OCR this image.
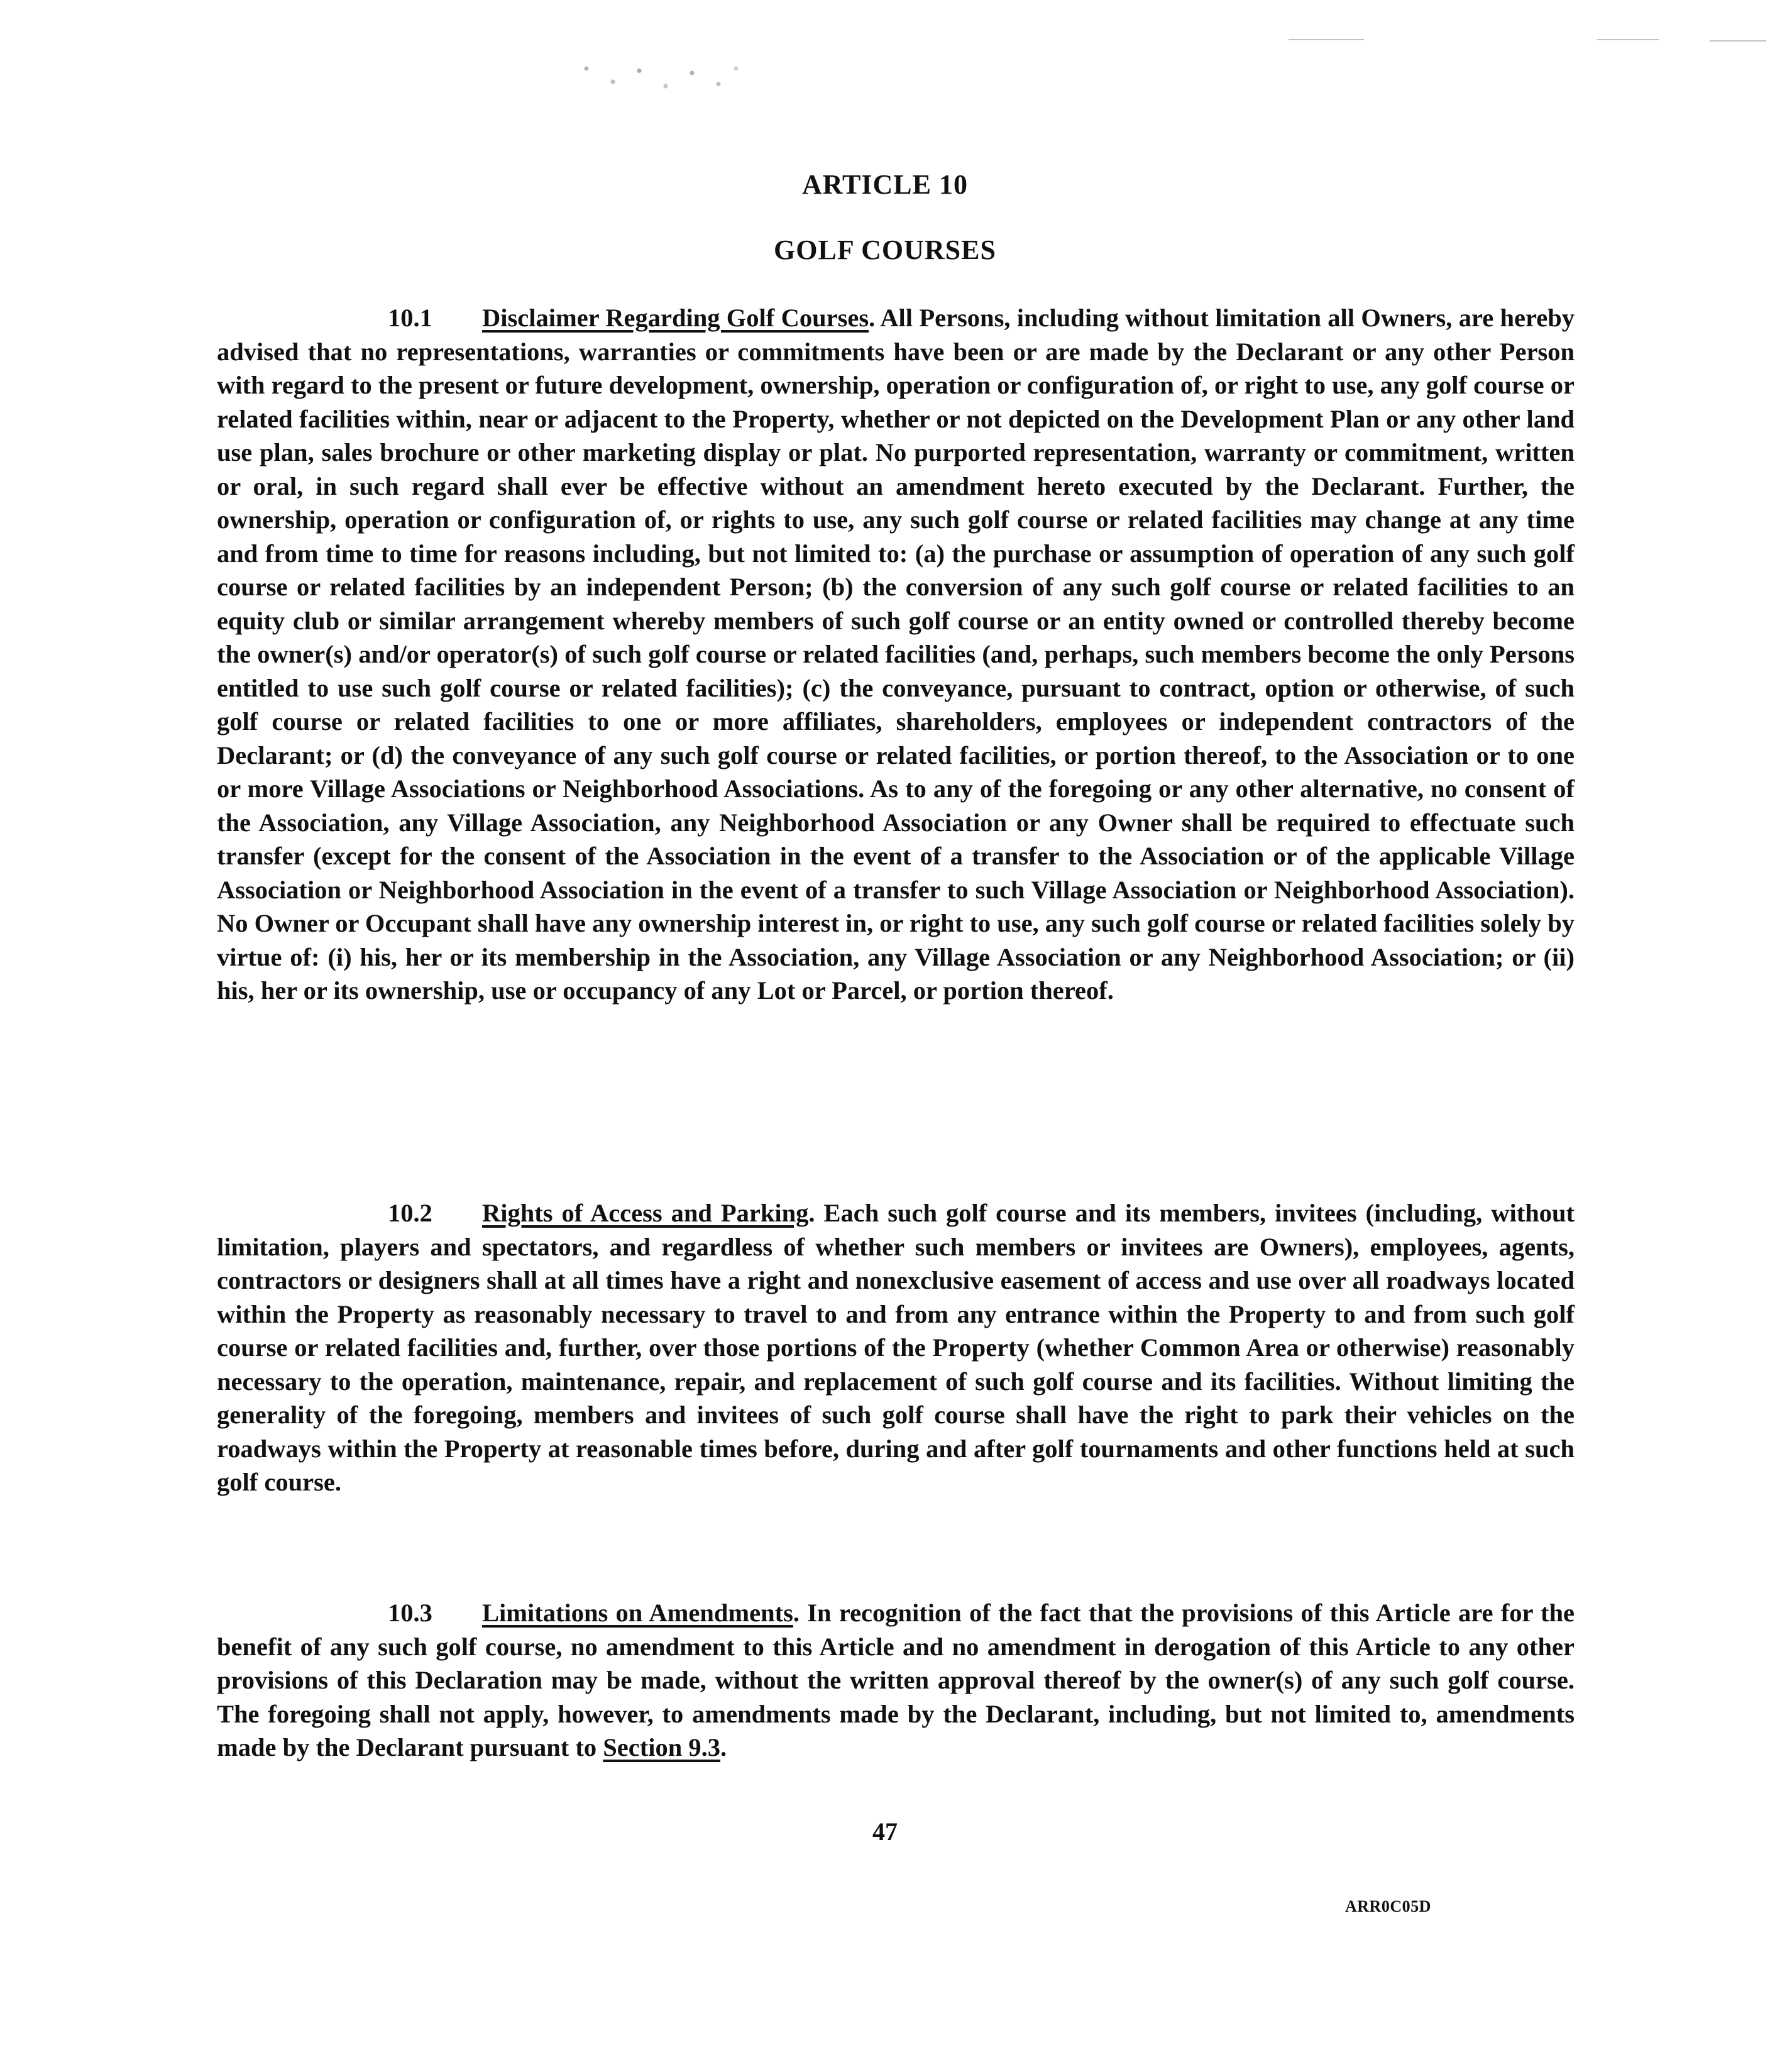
ARTICLE 10
GOLF COURSES

10.1 Disclaimer Regarding Golf Courses. All Persons, including without limitation all Owners, are hereby advised that no representations, warranties or commitments have been or are made by the Declarant or any other Person with regard to the present or future development, ownership, operation or configuration of, or right to use, any golf course or related facilities within, near or adjacent to the Property, whether or not depicted on the Development Plan or any other land use plan, sales brochure or other marketing display or plat. No purported representation, warranty or commitment, written or oral, in such regard shall ever be effective without an amendment hereto executed by the Declarant. Further, the ownership, operation or configuration of, or rights to use, any such golf course or related facilities may change at any time and from time to time for reasons including, but not limited to: (a) the purchase or assumption of operation of any such golf course or related facilities by an independent Person; (b) the conversion of any such golf course or related facilities to an equity club or similar arrangement whereby members of such golf course or an entity owned or controlled thereby become the owner(s) and/or operator(s) of such golf course or related facilities (and, perhaps, such members become the only Persons entitled to use such golf course or related facilities); (c) the conveyance, pursuant to contract, option or otherwise, of such golf course or related facilities to one or more affiliates, shareholders, employees or independent contractors of the Declarant; or (d) the conveyance of any such golf course or related facilities, or portion thereof, to the Association or to one or more Village Associations or Neighborhood Associations. As to any of the foregoing or any other alternative, no consent of the Association, any Village Association, any Neighborhood Association or any Owner shall be required to effectuate such transfer (except for the consent of the Association in the event of a transfer to the Association or of the applicable Village Association or Neighborhood Association in the event of a transfer to such Village Association or Neighborhood Association). No Owner or Occupant shall have any ownership interest in, or right to use, any such golf course or related facilities solely by virtue of: (i) his, her or its membership in the Association, any Village Association or any Neighborhood Association; or (ii) his, her or its ownership, use or occupancy of any Lot or Parcel, or portion thereof.

10.2 Rights of Access and Parking. Each such golf course and its members, invitees (including, without limitation, players and spectators, and regardless of whether such members or invitees are Owners), employees, agents, contractors or designers shall at all times have a right and nonexclusive easement of access and use over all roadways located within the Property as reasonably necessary to travel to and from any entrance within the Property to and from such golf course or related facilities and, further, over those portions of the Property (whether Common Area or otherwise) reasonably necessary to the operation, maintenance, repair, and replacement of such golf course and its facilities. Without limiting the generality of the foregoing, members and invitees of such golf course shall have the right to park their vehicles on the roadways within the Property at reasonable times before, during and after golf tournaments and other functions held at such golf course.

10.3 Limitations on Amendments. In recognition of the fact that the provisions of this Article are for the benefit of any such golf course, no amendment to this Article and no amendment in derogation of this Article to any other provisions of this Declaration may be made, without the written approval thereof by the owner(s) of any such golf course. The foregoing shall not apply, however, to amendments made by the Declarant, including, but not limited to, amendments made by the Declarant pursuant to Section 9.3.

47

ARR0C05D
